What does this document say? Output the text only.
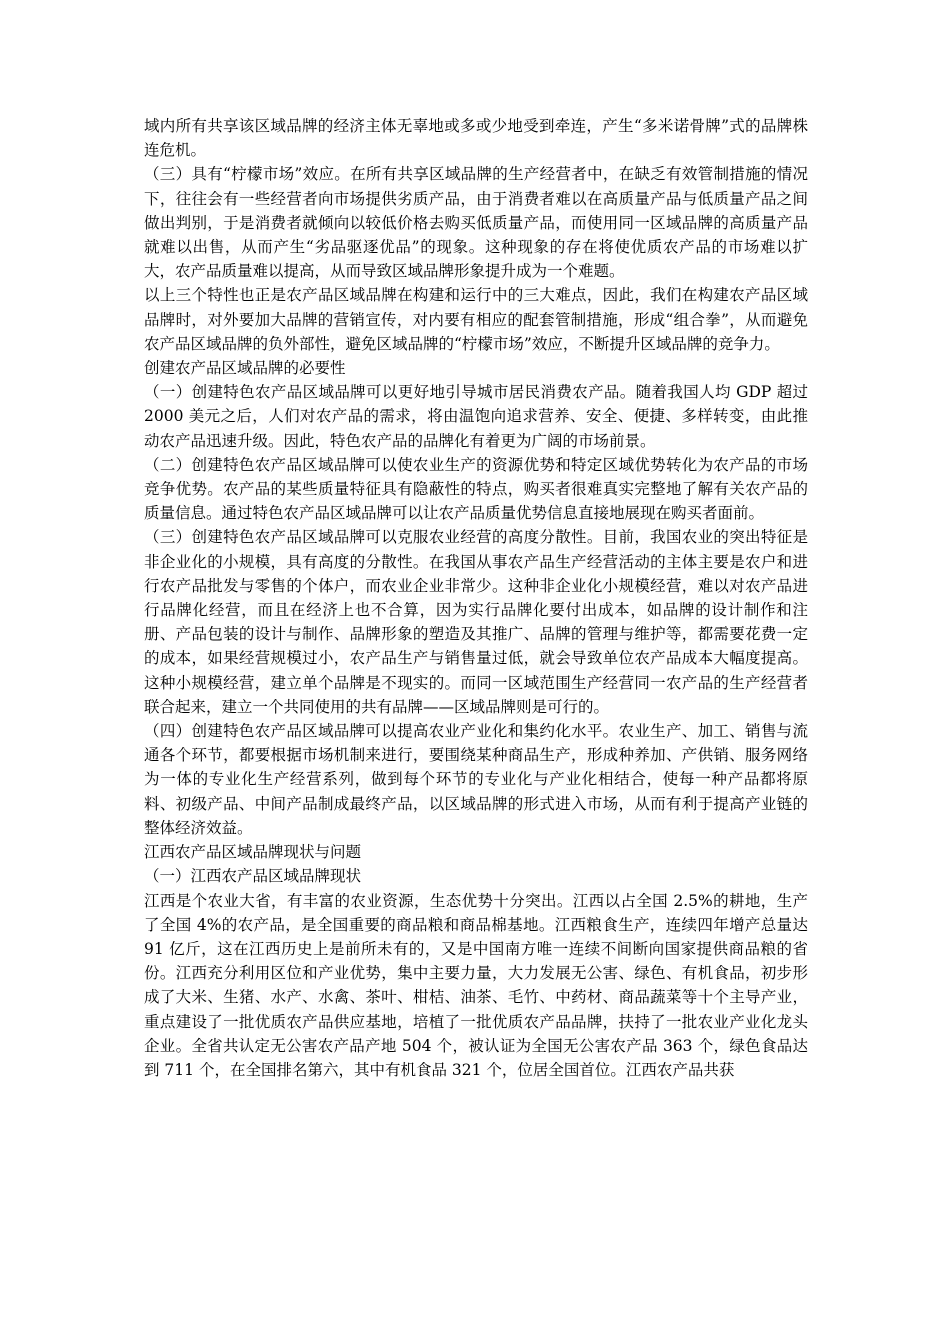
域内所有共享该区域品牌的经济主体无辜地或多或少地受到牵连，产生“多米诺骨牌”式的品牌株连危机。

（三）具有“柠檬市场”效应。在所有共享区域品牌的生产经营者中，在缺乏有效管制措施的情况下，往往会有一些经营者向市场提供劣质产品，由于消费者难以在高质量产品与低质量产品之间做出判别，于是消费者就倾向以较低价格去购买低质量产品，而使用同一区域品牌的高质量产品就难以出售，从而产生“劣品驱逐优品”的现象。这种现象的存在将使优质农产品的市场难以扩大，农产品质量难以提高，从而导致区域品牌形象提升成为一个难题。

以上三个特性也正是农产品区域品牌在构建和运行中的三大难点，因此，我们在构建农产品区域品牌时，对外要加大品牌的营销宣传，对内要有相应的配套管制措施，形成“组合拳”，从而避免农产品区域品牌的负外部性，避免区域品牌的“柠檬市场”效应，不断提升区域品牌的竞争力。

创建农产品区域品牌的必要性

（一）创建特色农产品区域品牌可以更好地引导城市居民消费农产品。随着我国人均 GDP 超过 2000 美元之后，人们对农产品的需求，将由温饱向追求营养、安全、便捷、多样转变，由此推动农产品迅速升级。因此，特色农产品的品牌化有着更为广阔的市场前景。

（二）创建特色农产品区域品牌可以使农业生产的资源优势和特定区域优势转化为农产品的市场竞争优势。农产品的某些质量特征具有隐蔽性的特点，购买者很难真实完整地了解有关农产品的质量信息。通过特色农产品区域品牌可以让农产品质量优势信息直接地展现在购买者面前。

（三）创建特色农产品区域品牌可以克服农业经营的高度分散性。目前，我国农业的突出特征是非企业化的小规模，具有高度的分散性。在我国从事农产品生产经营活动的主体主要是农户和进行农产品批发与零售的个体户，而农业企业非常少。这种非企业化小规模经营，难以对农产品进行品牌化经营，而且在经济上也不合算，因为实行品牌化要付出成本，如品牌的设计制作和注册、产品包装的设计与制作、品牌形象的塑造及其推广、品牌的管理与维护等，都需要花费一定的成本，如果经营规模过小，农产品生产与销售量过低，就会导致单位农产品成本大幅度提高。这种小规模经营，建立单个品牌是不现实的。而同一区域范围生产经营同一农产品的生产经营者联合起来，建立一个共同使用的共有品牌——区域品牌则是可行的。

（四）创建特色农产品区域品牌可以提高农业产业化和集约化水平。农业生产、加工、销售与流通各个环节，都要根据市场机制来进行，要围绕某种商品生产，形成种养加、产供销、服务网络为一体的专业化生产经营系列，做到每个环节的专业化与产业化相结合，使每一种产品都将原料、初级产品、中间产品制成最终产品，以区域品牌的形式进入市场，从而有利于提高产业链的整体经济效益。

江西农产品区域品牌现状与问题

（一）江西农产品区域品牌现状

江西是个农业大省，有丰富的农业资源，生态优势十分突出。江西以占全国 2.5%的耕地，生产了全国 4%的农产品，是全国重要的商品粮和商品棉基地。江西粮食生产，连续四年增产总量达 91 亿斤，这在江西历史上是前所未有的，又是中国南方唯一连续不间断向国家提供商品粮的省份。江西充分利用区位和产业优势，集中主要力量，大力发展无公害、绿色、有机食品，初步形成了大米、生猪、水产、水禽、茶叶、柑桔、油茶、毛竹、中药材、商品蔬菜等十个主导产业，重点建设了一批优质农产品供应基地，培植了一批优质农产品品牌，扶持了一批农业产业化龙头企业。全省共认定无公害农产品产地 504 个，被认证为全国无公害农产品 363 个，绿色食品达到 711 个，在全国排名第六，其中有机食品 321 个，位居全国首位。江西农产品共获
